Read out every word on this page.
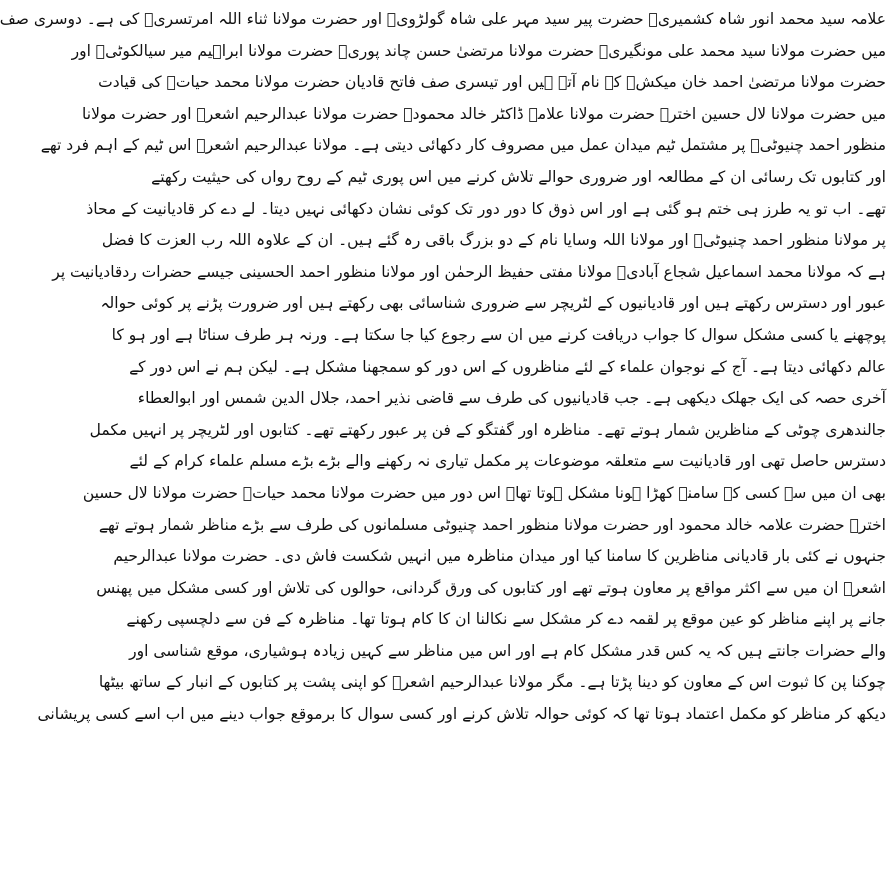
علامہ سید محمد انور شاہ کشمیریؒ حضرت پیر سید مہر علی شاہ گولڑویؒ اور حضرت مولانا ثناء اللہ امرتسریؒ کی ہے۔ دوسری صف
میں حضرت مولانا سید محمد علی مونگیریؒ حضرت مولانا مرتضیٰ حسن چاند پوریؒ حضرت مولانا ابراہیم میر سیالکوٹیؒ اور
حضرت مولانا مرتضیٰ احمد خان میکشؒ کے نام آتے ہیں اور تیسری صف فاتح قادیان حضرت مولانا محمد حیاتؒ کی قیادت
میں حضرت مولانا لال حسین اخترؒ حضرت مولانا علامہ ڈاکٹر خالد محمودؒ حضرت مولانا عبدالرحیم اشعرؒ اور حضرت مولانا
منظور احمد چنیوٹیؒ پر مشتمل ٹیم میدان عمل میں مصروف کار دکھائی دیتی ہے۔ مولانا عبدالرحیم اشعرؒ اس ٹیم کے اہم فرد تھے
اور کتابوں تک رسائی ان کے مطالعہ اور ضروری حوالے تلاش کرنے میں اس پوری ٹیم کے روح رواں کی حیثیت رکھتے
تھے۔ اب تو یہ طرز ہی ختم ہو گئی ہے اور اس ذوق کا دور دور تک کوئی نشان دکھائی نہیں دیتا۔ لے دے کر قادیانیت کے محاذ
پر مولانا منظور احمد چنیوٹیؒ اور مولانا اللہ وسایا نام کے دو بزرگ باقی رہ گئے ہیں۔ ان کے علاوہ اللہ رب العزت کا فضل
ہے کہ مولانا محمد اسماعیل شجاع آبادیؒ مولانا مفتی حفیظ الرحمٰن اور مولانا منظور احمد الحسینی جیسے حضرات ردقادیانیت پر
عبور اور دسترس رکھتے ہیں اور قادیانیوں کے لٹریچر سے ضروری شناسائی بھی رکھتے ہیں اور ضرورت پڑنے پر کوئی حوالہ
پوچھنے یا کسی مشکل سوال کا جواب دریافت کرنے میں ان سے رجوع کیا جا سکتا ہے۔ ورنہ ہر طرف سناٹا ہے اور ہو کا
عالم دکھائی دیتا ہے۔ آج کے نوجوان علماء کے لئے مناظروں کے اس دور کو سمجھنا مشکل ہے۔ لیکن ہم نے اس دور کے
آخری حصہ کی ایک جھلک دیکھی ہے۔ جب قادیانیوں کی طرف سے قاضی نذیر احمد، جلال الدین شمس اور ابوالعطاء
جالندھری چوٹی کے مناظرین شمار ہوتے تھے۔ مناظرہ اور گفتگو کے فن پر عبور رکھتے تھے۔ کتابوں اور لٹریچر پر انہیں مکمل
دسترس حاصل تھی اور قادیانیت سے متعلقہ موضوعات پر مکمل تیاری نہ رکھنے والے بڑے بڑے مسلم علماء کرام کے لئے
بھی ان میں سے کسی کے سامنے کھڑا ہونا مشکل ہوتا تھا۔ اس دور میں حضرت مولانا محمد حیاتؒ حضرت مولانا لال حسین
اخترؒ حضرت علامہ خالد محمود اور حضرت مولانا منظور احمد چنیوٹی مسلمانوں کی طرف سے بڑے مناظر شمار ہوتے تھے
جنہوں نے کئی بار قادیانی مناظرین کا سامنا کیا اور میدان مناظرہ میں انہیں شکست فاش دی۔ حضرت مولانا عبدالرحیم
اشعرؒ ان میں سے اکثر مواقع پر معاون ہوتے تھے اور کتابوں کی ورق گردانی، حوالوں کی تلاش اور کسی مشکل میں پھنس
جانے پر اپنے مناظر کو عین موقع پر لقمہ دے کر مشکل سے نکالنا ان کا کام ہوتا تھا۔ مناظرہ کے فن سے دلچسپی رکھنے
والے حضرات جانتے ہیں کہ یہ کس قدر مشکل کام ہے اور اس میں مناظر سے کہیں زیادہ ہوشیاری، موقع شناسی اور
چوکنا پن کا ثبوت اس کے معاون کو دینا پڑتا ہے۔ مگر مولانا عبدالرحیم اشعرؒ کو اپنی پشت پر کتابوں کے انبار کے ساتھ بیٹھا
دیکھ کر مناظر کو مکمل اعتماد ہوتا تھا کہ کوئی حوالہ تلاش کرنے اور کسی سوال کا برموقع جواب دینے میں اب اسے کسی پریشانی
